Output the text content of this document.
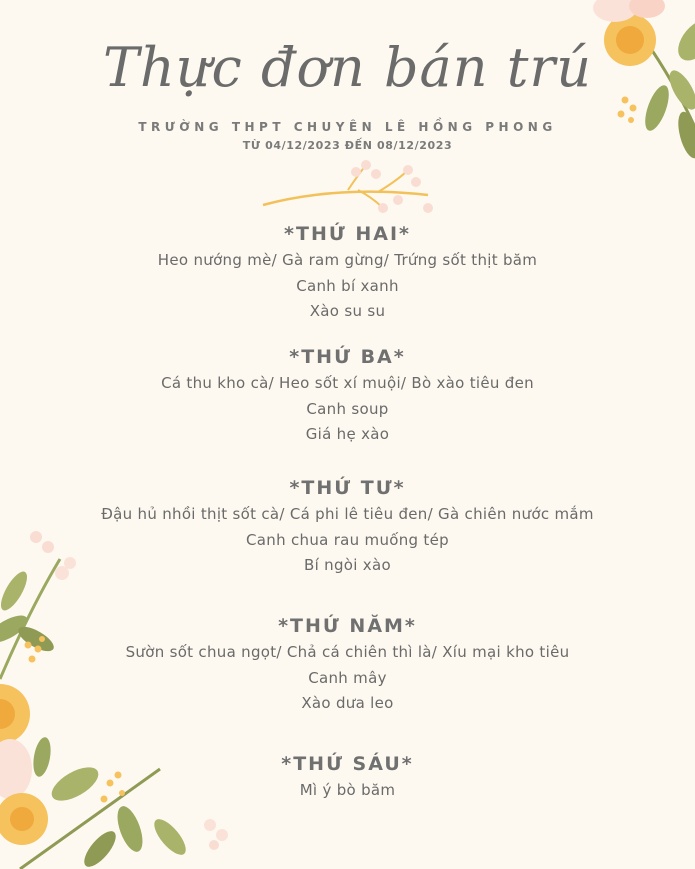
Thực đơn bán trú
TRƯỜNG THPT CHUYÊN LÊ HỒNG PHONG
TỪ 04/12/2023 ĐẾN 08/12/2023
*THỨ HAI*
Heo nướng mè/ Gà ram gừng/ Trứng sốt thịt băm
Canh bí xanh
Xào su su
*THỨ BA*
Cá thu kho cà/ Heo sốt xí muội/ Bò xào tiêu đen
Canh soup
Giá hẹ xào
*THỨ TƯ*
Đậu hủ nhồi thịt sốt cà/ Cá phi lê tiêu đen/ Gà chiên nước mắm
Canh chua rau muống tép
Bí ngòi xào
*THỨ NĂM*
Sườn sốt chua ngọt/ Chả cá chiên thì là/ Xíu mại kho tiêu
Canh mây
Xào dưa leo
*THỨ SÁU*
Mì ý bò băm
